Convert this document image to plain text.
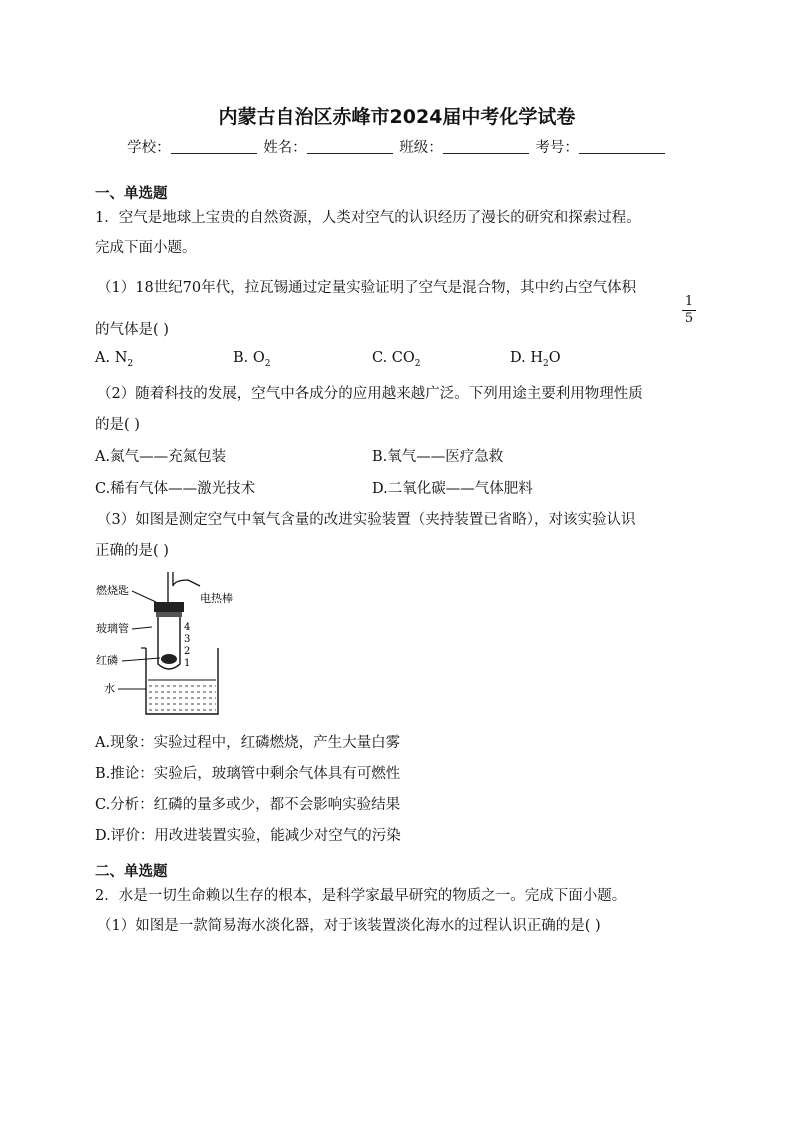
内蒙古自治区赤峰市2024届中考化学试卷
学校：	姓名：	班级：	考号：
一、单选题
1．空气是地球上宝贵的自然资源，人类对空气的认识经历了漫长的研究和探索过程。
完成下面小题。
（1）18世纪70年代，拉瓦锡通过定量实验证明了空气是混合物，其中约占空气体积
1
5
的气体是( )
A. $N_2$	B. $O_2$	C. $CO_2$	D. $H_2O$
（2）随着科技的发展，空气中各成分的应用越来越广泛。下列用途主要利用物理性质
的是( )
A.氮气——充氮包装	B.氧气——医疗急救
C.稀有气体——激光技术	D.二氧化碳——气体肥料
（3）如图是测定空气中氧气含量的改进实验装置（夹持装置已省略），对该实验认识
正确的是( )
燃烧匙
电热棒
玻璃管
红磷
水
4
3
2
1
A.现象：实验过程中，红磷燃烧，产生大量白雾
B.推论：实验后，玻璃管中剩余气体具有可燃性
C.分析：红磷的量多或少，都不会影响实验结果
D.评价：用改进装置实验，能减少对空气的污染
二、单选题
2．水是一切生命赖以生存的根本，是科学家最早研究的物质之一。完成下面小题。
（1）如图是一款简易海水淡化器，对于该装置淡化海水的过程认识正确的是( )
